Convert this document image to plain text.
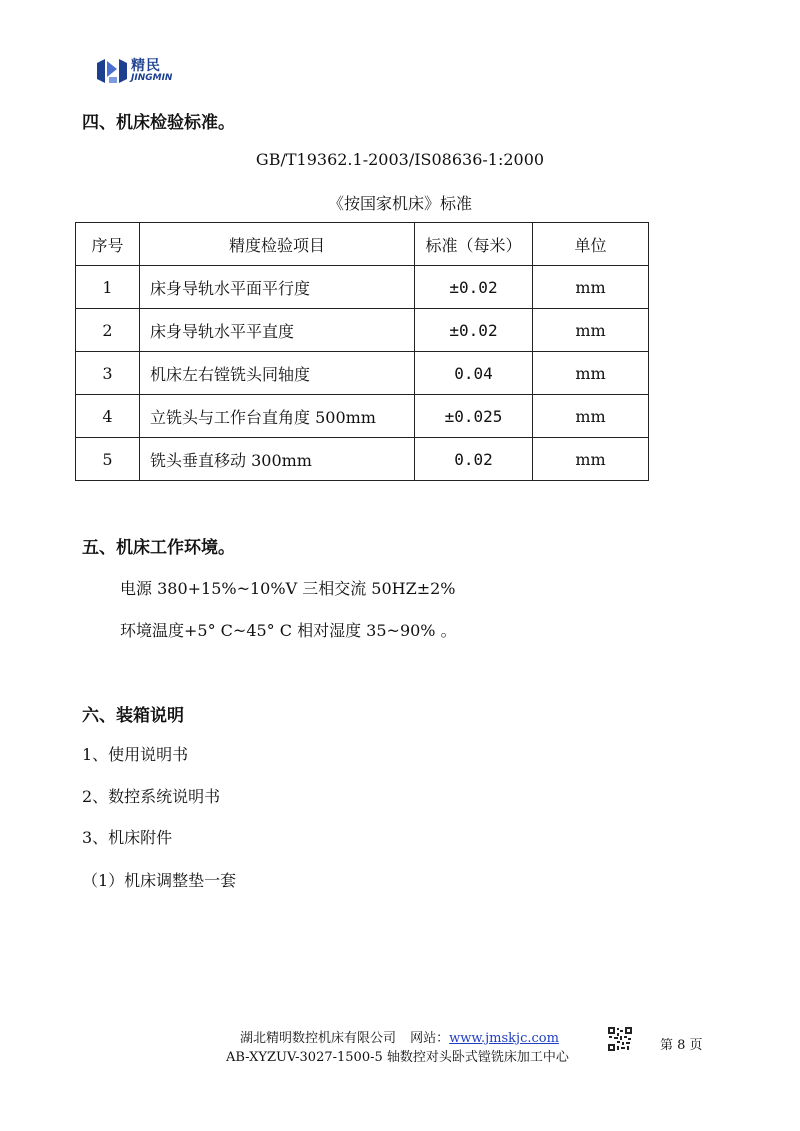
精民
JINGMIN
四、机床检验标准。
GB/T19362.1-2003/IS08636-1:2000
《按国家机床》标准
序号	精度检验项目	标准（每米）	单位
1	床身导轨水平面平行度	±0.02	mm
2	床身导轨水平平直度	±0.02	mm
3	机床左右镗铣头同轴度	0.04	mm
4	立铣头与工作台直角度 500mm	±0.025	mm
5	铣头垂直移动 300mm	0.02	mm
五、机床工作环境。
电源 380+15%~10%V 三相交流 50HZ±2%
环境温度+5° C~45° C 相对湿度 35~90% 。
六、装箱说明
1、使用说明书
2、数控系统说明书
3、机床附件
（1）机床调整垫一套
湖北精明数控机床有限公司 网站：www.jmskjc.com
AB-XYZUV-3027-1500-5 轴数控对头卧式镗铣床加工中心
第 8 页
